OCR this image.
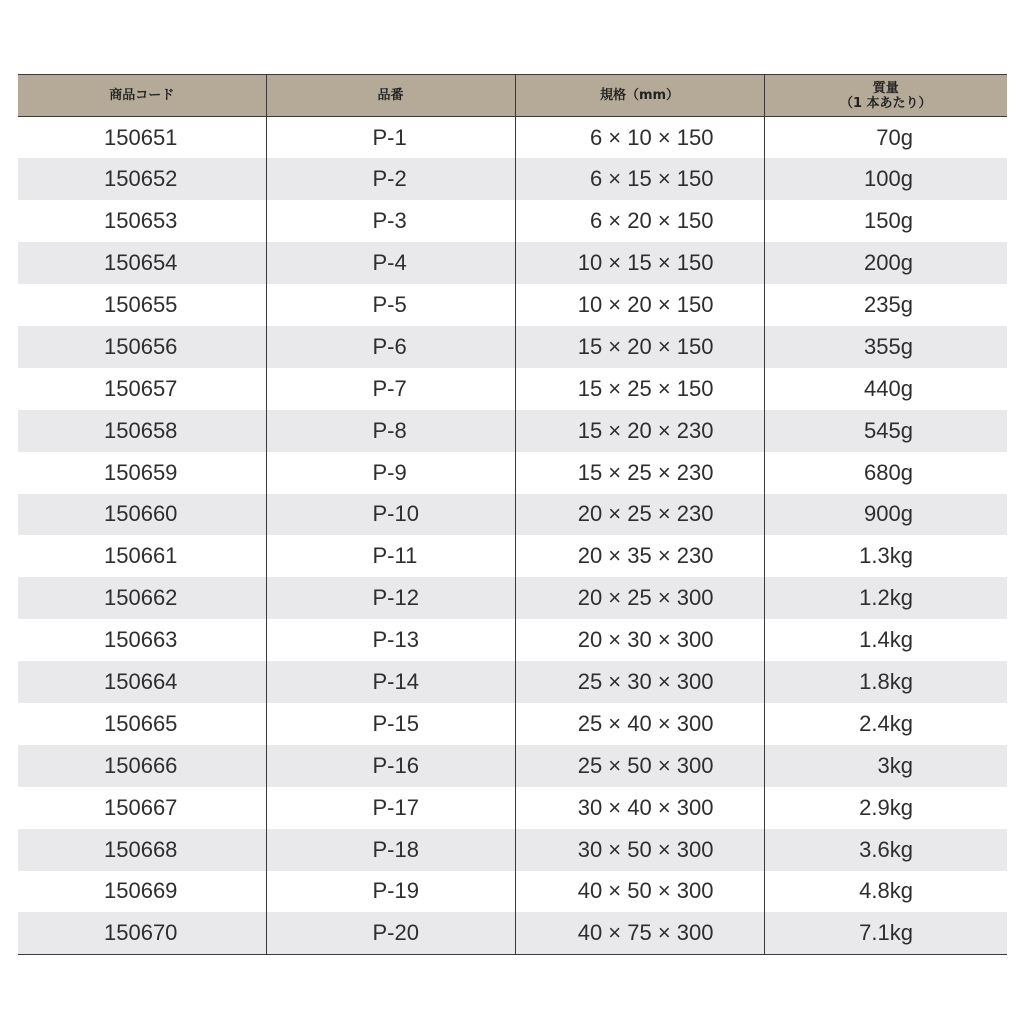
商品コード	品番	規格（mm）	質量
（1 本あたり）

150651	P-1	6 × 10 × 150	70g
150652	P-2	6 × 15 × 150	100g
150653	P-3	6 × 20 × 150	150g
150654	P-4	10 × 15 × 150	200g
150655	P-5	10 × 20 × 150	235g
150656	P-6	15 × 20 × 150	355g
150657	P-7	15 × 25 × 150	440g
150658	P-8	15 × 20 × 230	545g
150659	P-9	15 × 25 × 230	680g
150660	P-10	20 × 25 × 230	900g
150661	P-11	20 × 35 × 230	1.3kg
150662	P-12	20 × 25 × 300	1.2kg
150663	P-13	20 × 30 × 300	1.4kg
150664	P-14	25 × 30 × 300	1.8kg
150665	P-15	25 × 40 × 300	2.4kg
150666	P-16	25 × 50 × 300	3kg
150667	P-17	30 × 40 × 300	2.9kg
150668	P-18	30 × 50 × 300	3.6kg
150669	P-19	40 × 50 × 300	4.8kg
150670	P-20	40 × 75 × 300	7.1kg
